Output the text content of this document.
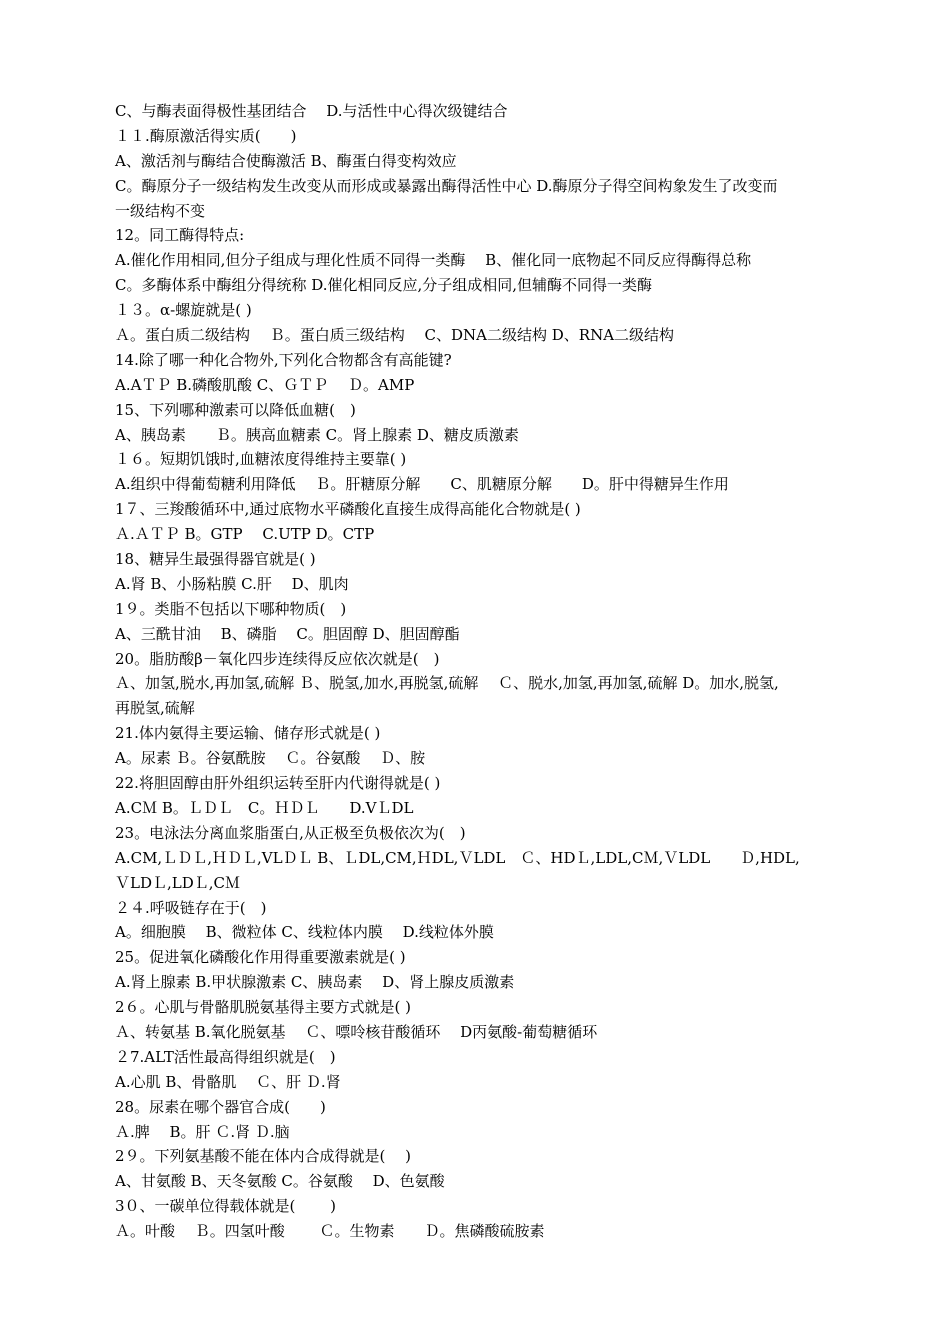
C、与酶表面得极性基团结合　 D.与活性中心得次级键结合
１１.酶原激活得实质(　　)
A、激活剂与酶结合使酶激活 B、酶蛋白得变构效应
C。酶原分子一级结构发生改变从而形成或暴露出酶得活性中心 D.酶原分子得空间构象发生了改变而
一级结构不变
12。同工酶得特点:
A.催化作用相同,但分子组成与理化性质不同得一类酶　 B、催化同一底物起不同反应得酶得总称
C。多酶体系中酶组分得统称 D.催化相同反应,分子组成相同,但辅酶不同得一类酶
１３。α-螺旋就是( )
Ａ。蛋白质二级结构　 Ｂ。蛋白质三级结构　 C、DNA二级结构 D、RNA二级结构
14.除了哪一种化合物外,下列化合物都含有高能键?
A.AＴＰ B.磷酸肌酸 C、ＧＴＰ　 Ｄ。AMP
15、下列哪种激素可以降低血糖(　)
A、胰岛素　　Ｂ。胰高血糖素 C。肾上腺素 D、糖皮质激素
１６。短期饥饿时,血糖浓度得维持主要靠( )
A.组织中得葡萄糖利用降低　 Ｂ。肝糖原分解　　C、肌糖原分解　　D。肝中得糖异生作用
1７、三羧酸循环中,通过底物水平磷酸化直接生成得高能化合物就是( )
Ａ.ＡＴＰ B。GTP　 C.UTP D。CTP
18、糖异生最强得器官就是( )
A.肾 B、小肠粘膜 C.肝　 D、肌肉
1９。类脂不包括以下哪种物质(　)
A、三酰甘油　 B、磷脂　 C。胆固醇 D、胆固醇酯
20。脂肪酸β－氧化四步连续得反应依次就是(　)
Ａ、加氢,脱水,再加氢,硫解 Ｂ、脱氢,加水,再脱氢,硫解　 Ｃ、脱水,加氢,再加氢,硫解 D。加水,脱氢,
再脱氢,硫解
21.体内氨得主要运输、储存形式就是( )
A。尿素 Ｂ。谷氨酰胺　 Ｃ。谷氨酸　 Ｄ、胺
22.将胆固醇由肝外组织运转至肝内代谢得就是( )
A.CＭ B。ＬＤＬ　C。ＨＤＬ　　D.VＬDL
23。电泳法分离血浆脂蛋白,从正极至负极依次为(　)
A.CM,ＬＤＬ,ＨＤＬ,VLＤＬ B、ＬDL,CM,ＨDL,ＶLDL　Ｃ、HDＬ,LDL,CＭ,ＶLDL　　Ｄ,HDL,
ＶLDＬ,LDＬ,CＭ
２４.呼吸链存在于(　)
A。细胞膜　 B、微粒体 C、线粒体内膜　 D.线粒体外膜
25。促进氧化磷酸化作用得重要激素就是( )
A.肾上腺素 B.甲状腺激素 C、胰岛素　 D、肾上腺皮质激素
2６。心肌与骨骼肌脱氨基得主要方式就是( )
Ａ、转氨基 B.氧化脱氨基　 Ｃ、嘌呤核苷酸循环　 D丙氨酸-葡萄糖循环
２7.ALT活性最高得组织就是(　)
A.心肌 B、骨骼肌　 Ｃ、肝 Ｄ.肾
28。尿素在哪个器官合成(　　)
Ａ.脾　 B。肝 Ｃ.肾 Ｄ.脑
2９。下列氨基酸不能在体内合成得就是(　 )
A、甘氨酸 B、天冬氨酸 C。谷氨酸　 D、色氨酸
3０、一碳单位得载体就是(　　 )
Ａ。叶酸　 Ｂ。四氢叶酸　　 Ｃ。生物素　　Ｄ。焦磷酸硫胺素
